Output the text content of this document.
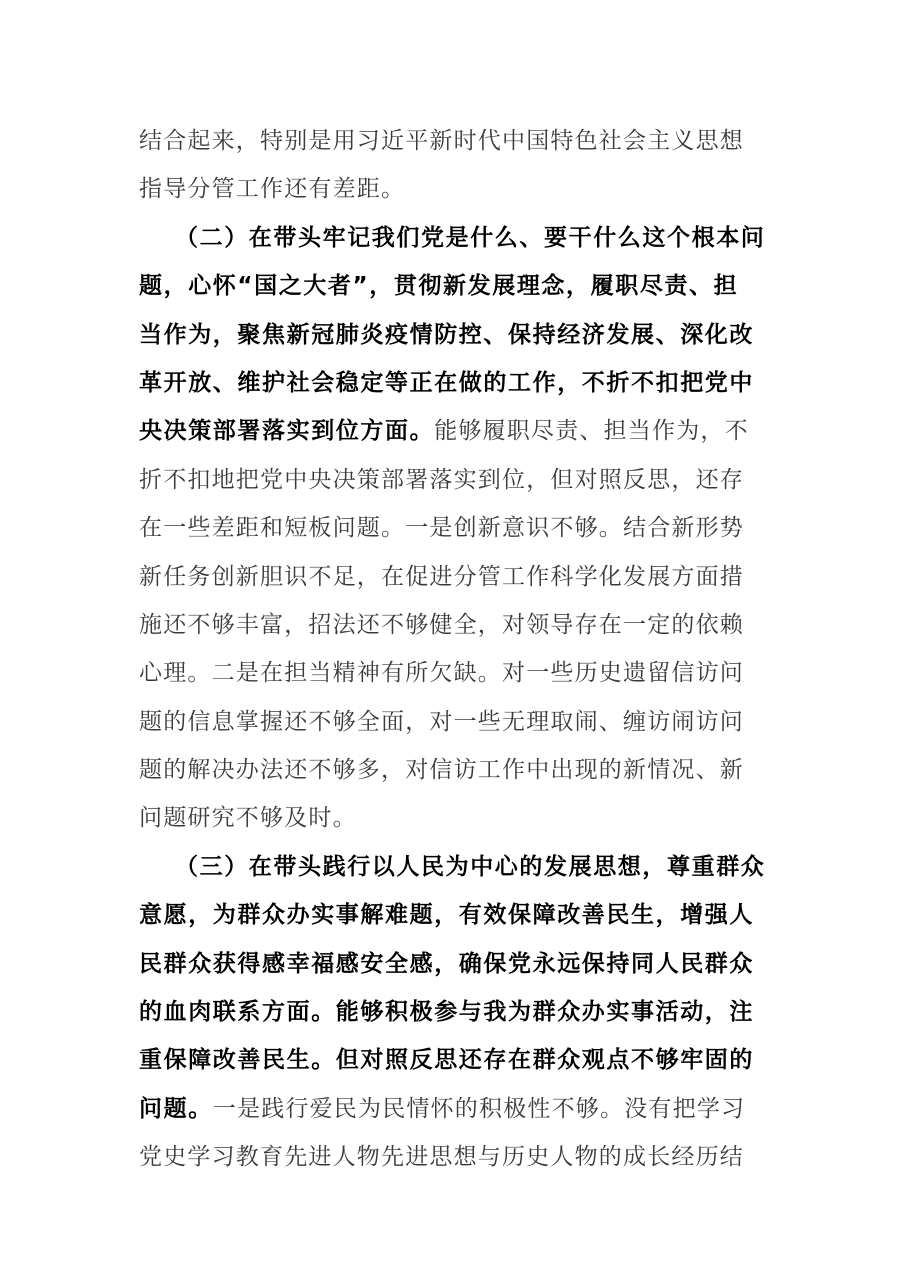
结合起来，特别是用习近平新时代中国特色社会主义思想
指导分管工作还有差距。
（二）在带头牢记我们党是什么、要干什么这个根本问
题，心怀“国之大者”，贯彻新发展理念，履职尽责、担
当作为，聚焦新冠肺炎疫情防控、保持经济发展、深化改
革开放、维护社会稳定等正在做的工作，不折不扣把党中
央决策部署落实到位方面。能够履职尽责、担当作为，不
折不扣地把党中央决策部署落实到位，但对照反思，还存
在一些差距和短板问题。一是创新意识不够。结合新形势
新任务创新胆识不足，在促进分管工作科学化发展方面措
施还不够丰富，招法还不够健全，对领导存在一定的依赖
心理。二是在担当精神有所欠缺。对一些历史遗留信访问
题的信息掌握还不够全面，对一些无理取闹、缠访闹访问
题的解决办法还不够多，对信访工作中出现的新情况、新
问题研究不够及时。
（三）在带头践行以人民为中心的发展思想，尊重群众
意愿，为群众办实事解难题，有效保障改善民生，增强人
民群众获得感幸福感安全感，确保党永远保持同人民群众
的血肉联系方面。能够积极参与我为群众办实事活动，注
重保障改善民生。但对照反思还存在群众观点不够牢固的
问题。一是践行爱民为民情怀的积极性不够。没有把学习
党史学习教育先进人物先进思想与历史人物的成长经历结
